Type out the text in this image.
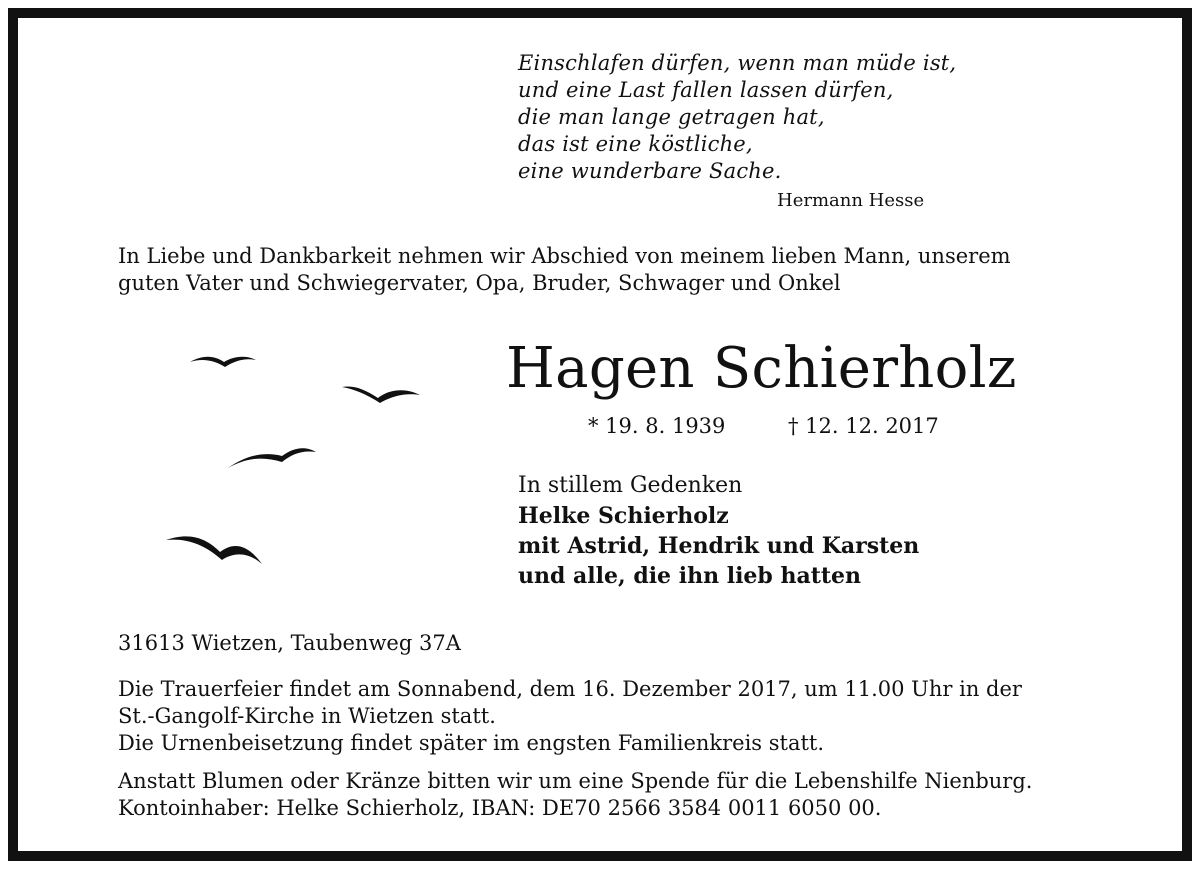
Einschlafen dürfen, wenn man müde ist,
und eine Last fallen lassen dürfen,
die man lange getragen hat,
das ist eine köstliche,
eine wunderbare Sache.
Hermann Hesse
In Liebe und Dankbarkeit nehmen wir Abschied von meinem lieben Mann, unserem
guten Vater und Schwiegervater, Opa, Bruder, Schwager und Onkel
Hagen Schierholz
* 19. 8. 1939	† 12. 12. 2017
In stillem Gedenken
Helke Schierholz
mit Astrid, Hendrik und Karsten
und alle, die ihn lieb hatten
31613 Wietzen, Taubenweg 37A
Die Trauerfeier findet am Sonnabend, dem 16. Dezember 2017, um 11.00 Uhr in der
St.-Gangolf-Kirche in Wietzen statt.
Die Urnenbeisetzung findet später im engsten Familienkreis statt.
Anstatt Blumen oder Kränze bitten wir um eine Spende für die Lebenshilfe Nienburg.
Kontoinhaber: Helke Schierholz, IBAN: DE70 2566 3584 0011 6050 00.
